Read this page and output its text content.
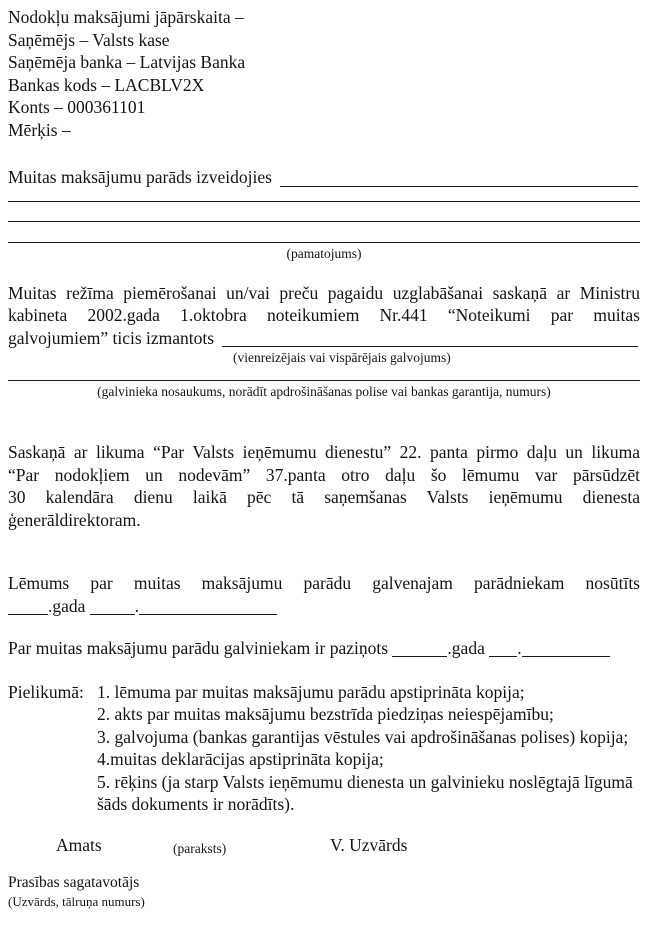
Nodokļu maksājumi jāpārskaita –
Saņēmējs – Valsts kase
Saņēmēja banka – Latvijas Banka
Bankas kods – LACBLV2X
Konts – 000361101
Mērķis –
Muitas maksājumu parāds izveidojies
(pamatojums)
Muitas režīma piemērošanai un/vai preču pagaidu uzglabāšanai saskaņā ar Ministru
kabineta 2002.gada 1.oktobra noteikumiem Nr.441 “Noteikumi par muitas
galvojumiem” ticis izmantots
(vienreizējais vai vispārējais galvojums)
(galvinieka nosaukums, norādīt apdrošināšanas polise vai bankas garantija, numurs)
Saskaņā ar likuma “Par Valsts ieņēmumu dienestu” 22. panta pirmo daļu un likuma
“Par nodokļiem un nodevām” 37.panta otro daļu šo lēmumu var pārsūdzēt
30 kalendāra dienu laikā pēc tā saņemšanas Valsts ieņēmumu dienesta
ģenerāldirektoram.
Lēmums par muitas maksājumu parādu galvenajam parādniekam nosūtīts
.gada	.
Par muitas maksājumu parādu galviniekam ir paziņots	.gada .
Pielikumā: 1. lēmuma par muitas maksājumu parādu apstiprināta kopija;
2. akts par muitas maksājumu bezstrīda piedziņas neiespējamību;
3. galvojuma (bankas garantijas vēstules vai apdrošināšanas polises) kopija;
4.muitas deklarācijas apstiprināta kopija;
5. rēķins (ja starp Valsts ieņēmumu dienesta un galvinieku noslēgtajā līgumā šāds dokuments ir norādīts).
Amats	(paraksts)	V. Uzvārds
Prasības sagatavotājs
(Uzvārds, tālruņa numurs)
